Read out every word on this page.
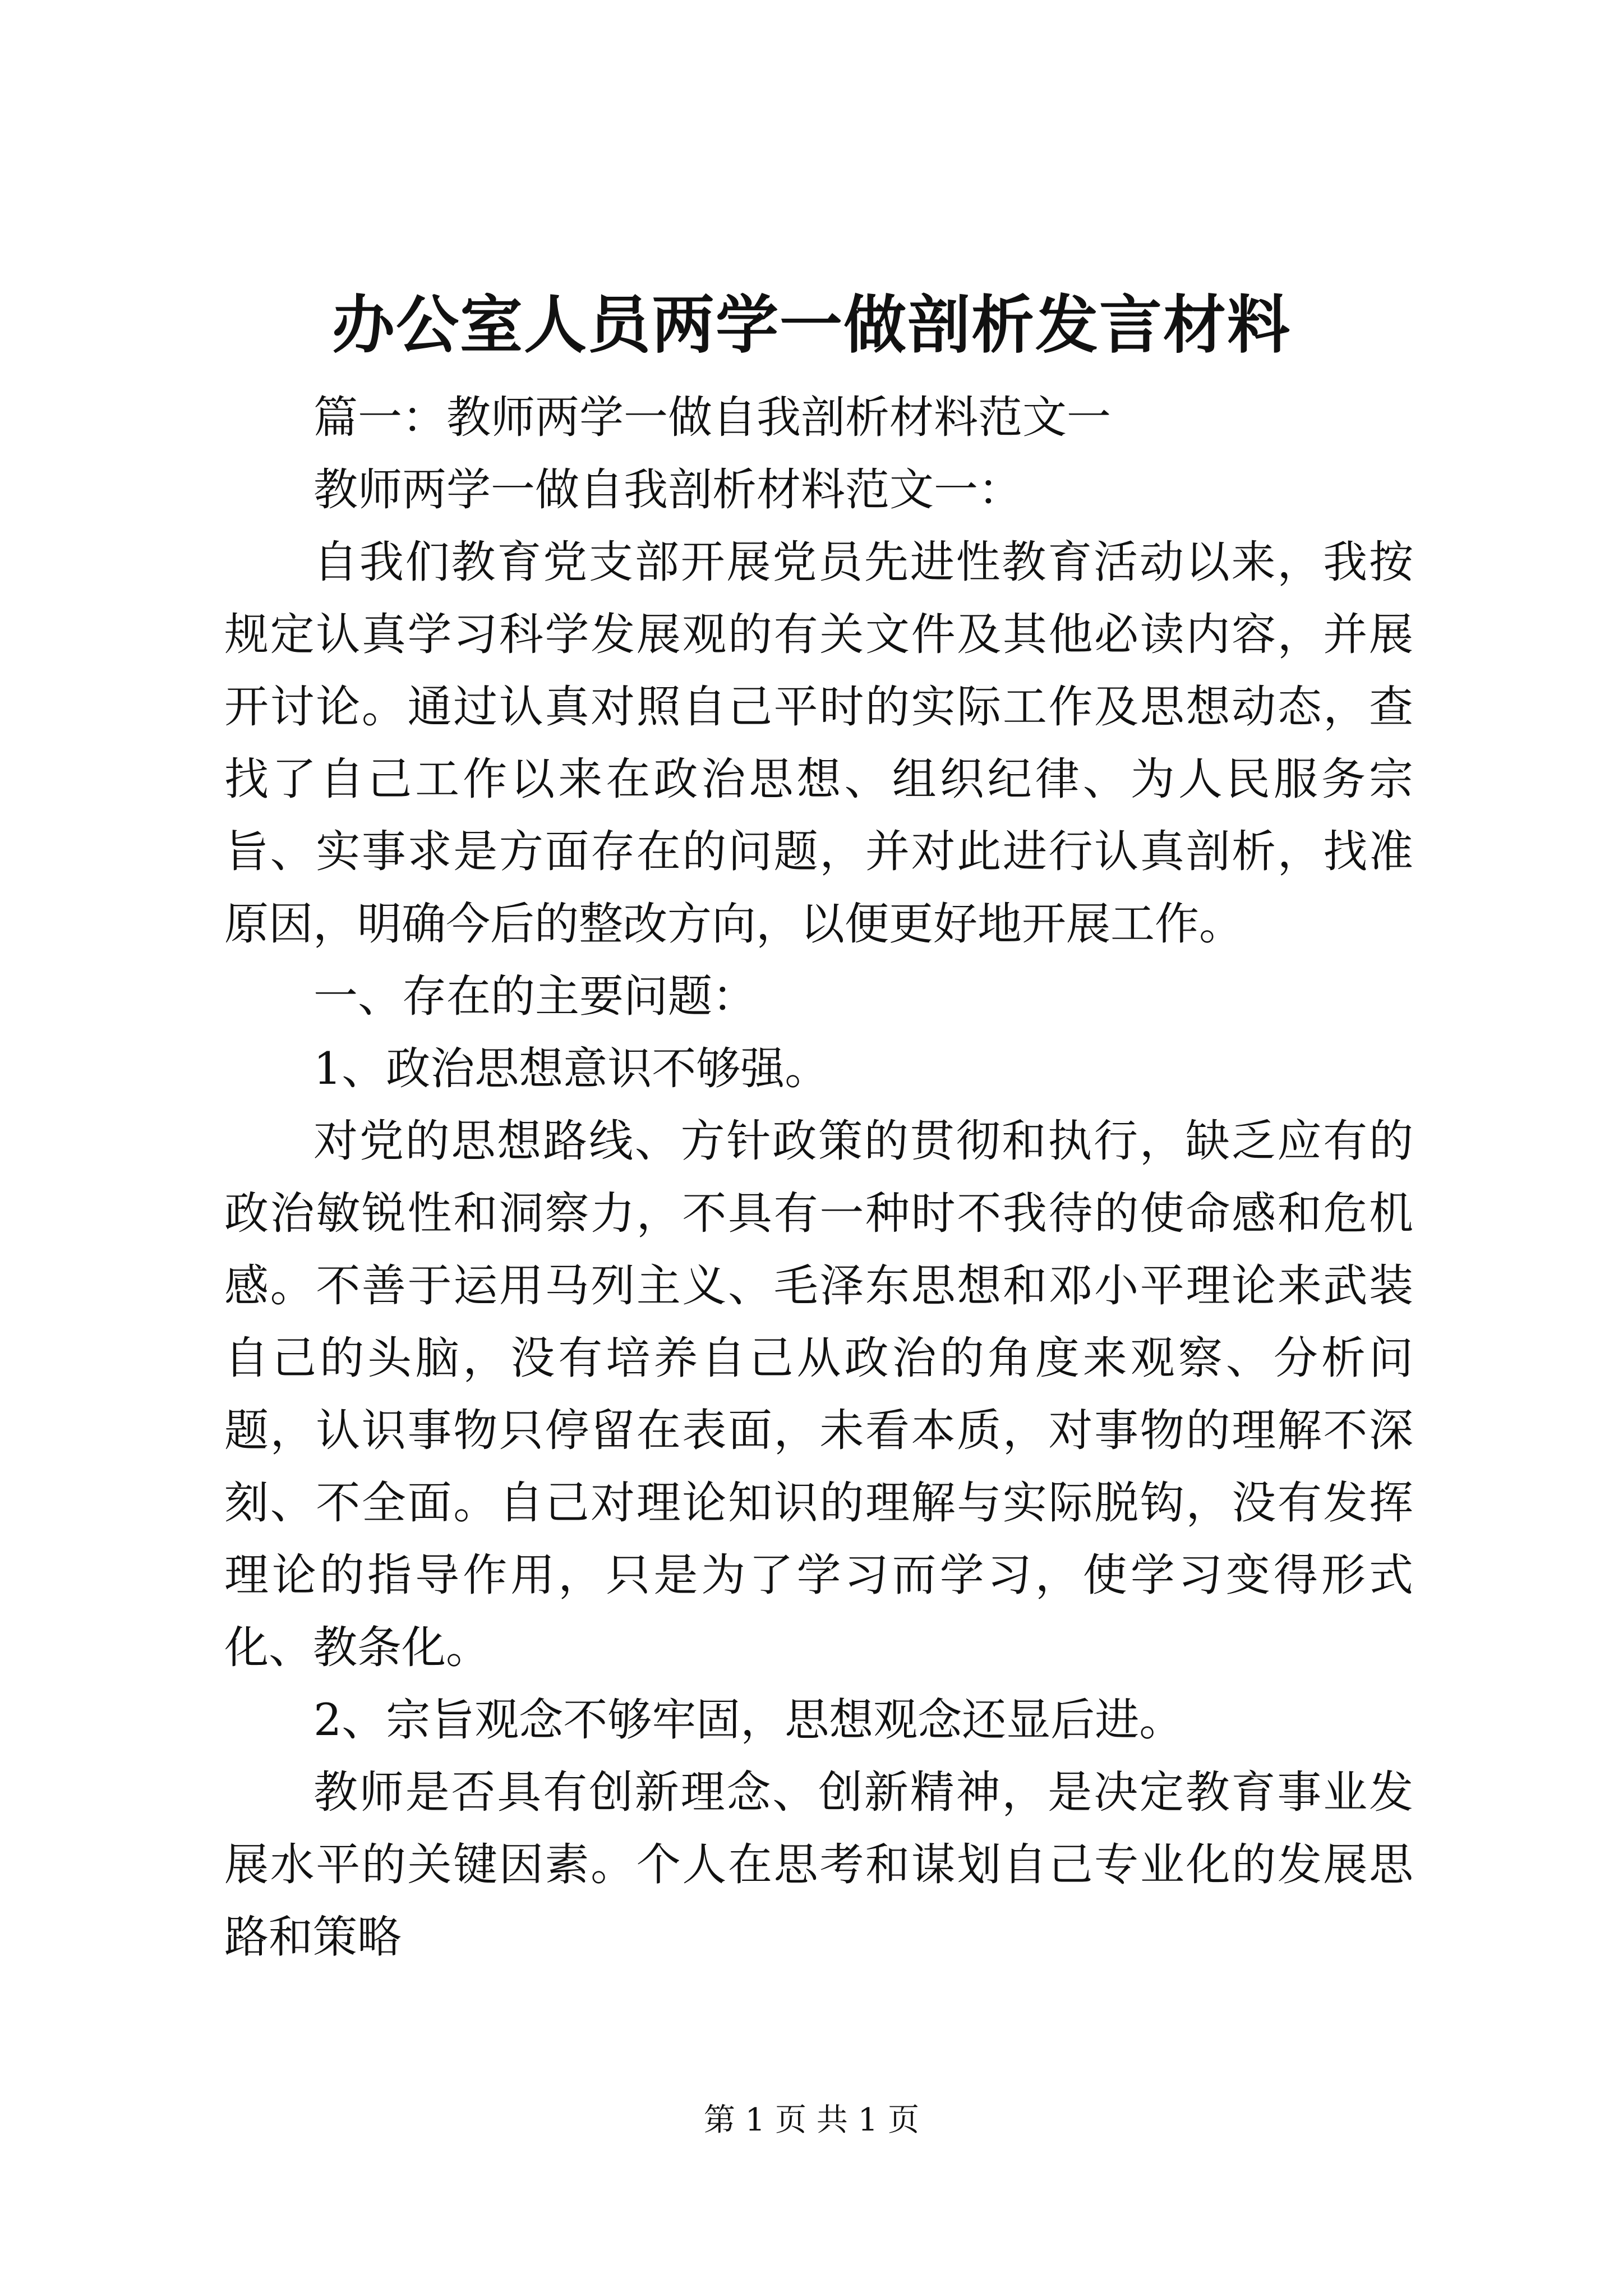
办公室人员两学一做剖析发言材料

篇一：教师两学一做自我剖析材料范文一

教师两学一做自我剖析材料范文一：

自我们教育党支部开展党员先进性教育活动以来，我按规定认真学习科学发展观的有关文件及其他必读内容，并展开讨论。通过认真对照自己平时的实际工作及思想动态，查找了自己工作以来在政治思想、组织纪律、为人民服务宗旨、实事求是方面存在的问题，并对此进行认真剖析，找准原因，明确今后的整改方向，以便更好地开展工作。

一、存在的主要问题：

1、政治思想意识不够强。

对党的思想路线、方针政策的贯彻和执行，缺乏应有的政治敏锐性和洞察力，不具有一种时不我待的使命感和危机感。不善于运用马列主义、毛泽东思想和邓小平理论来武装自己的头脑，没有培养自己从政治的角度来观察、分析问题，认识事物只停留在表面，未看本质，对事物的理解不深刻、不全面。自己对理论知识的理解与实际脱钩，没有发挥理论的指导作用，只是为了学习而学习，使学习变得形式化、教条化。

2、宗旨观念不够牢固，思想观念还显后进。

教师是否具有创新理念、创新精神，是决定教育事业发展水平的关键因素。个人在思考和谋划自己专业化的发展思路和策略

第 1 页 共 1 页
